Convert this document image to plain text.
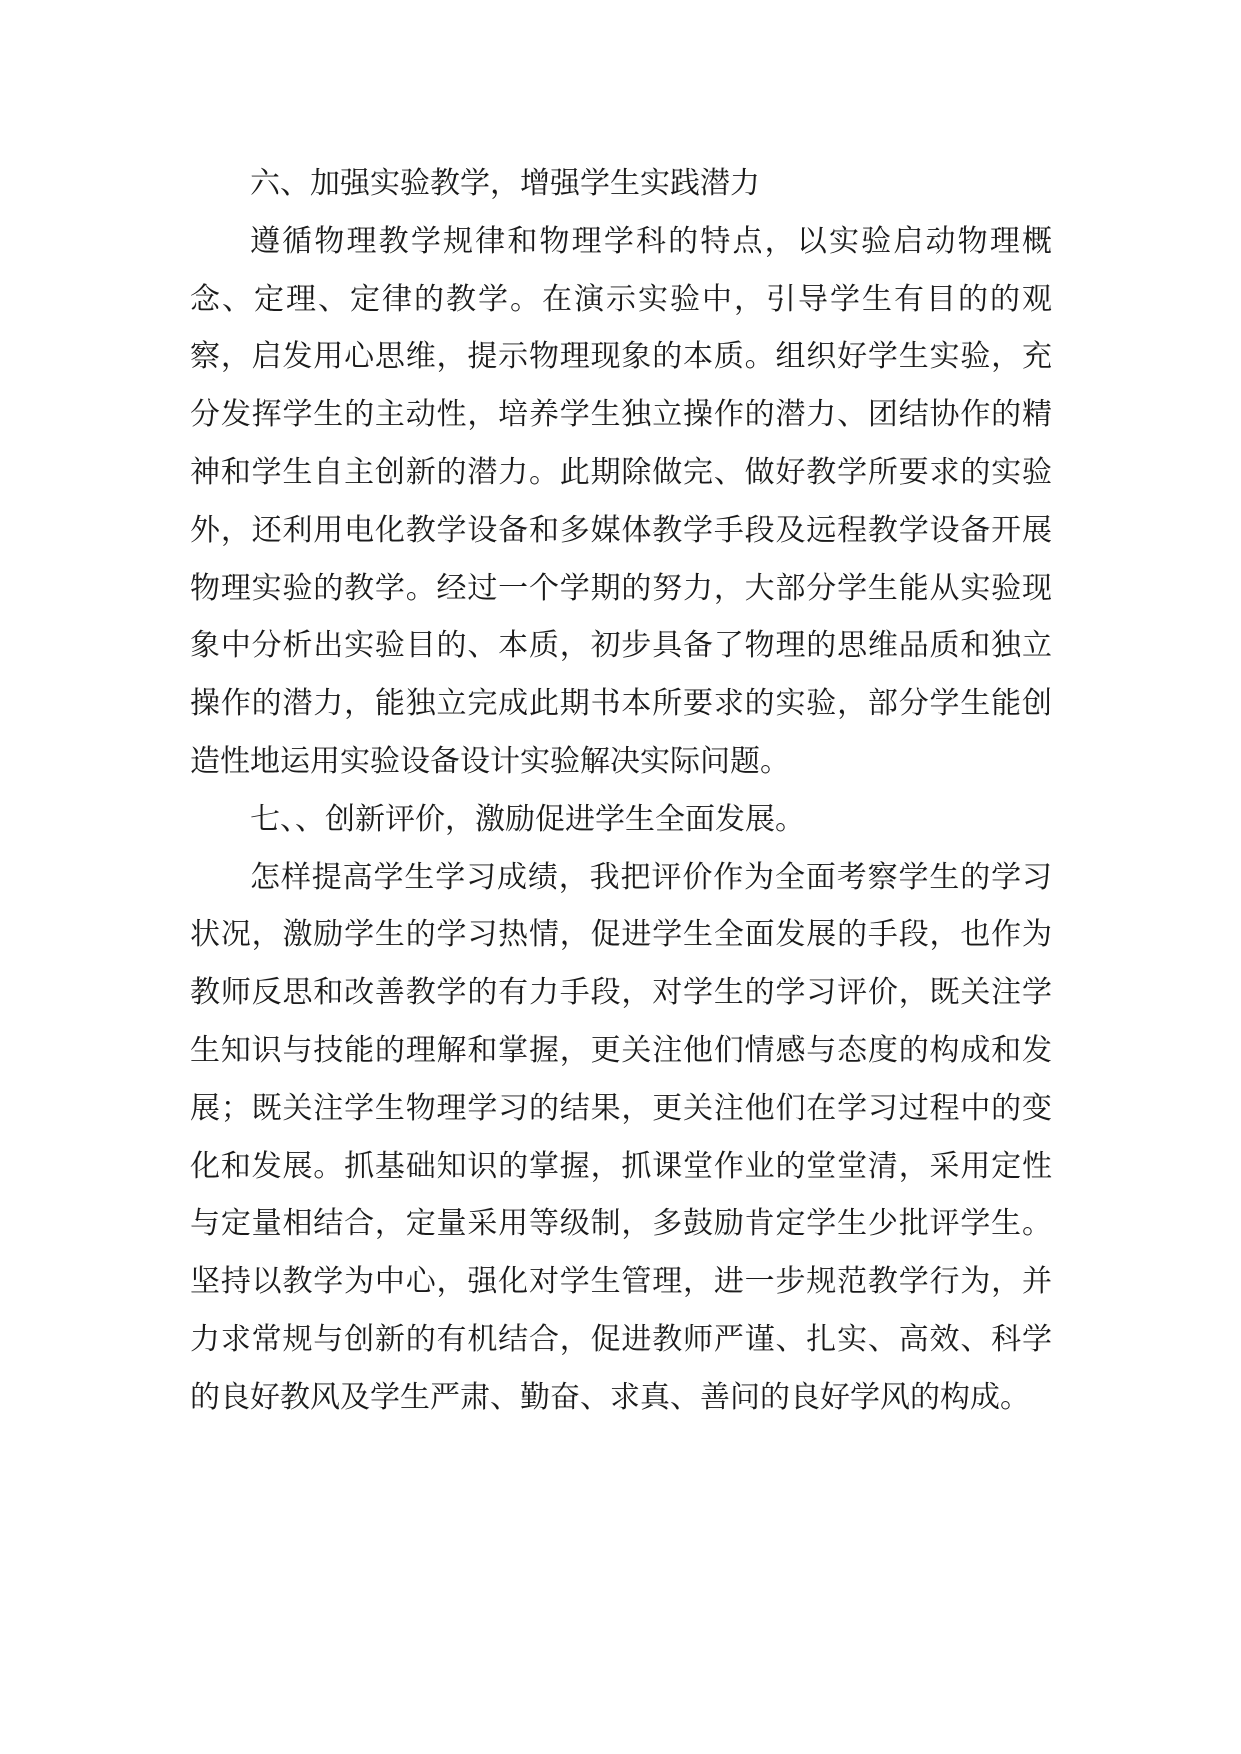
六、加强实验教学，增强学生实践潜力

遵循物理教学规律和物理学科的特点，以实验启动物理概念、定理、定律的教学。在演示实验中，引导学生有目的的观察，启发用心思维，提示物理现象的本质。组织好学生实验，充分发挥学生的主动性，培养学生独立操作的潜力、团结协作的精神和学生自主创新的潜力。此期除做完、做好教学所要求的实验外，还利用电化教学设备和多媒体教学手段及远程教学设备开展物理实验的教学。经过一个学期的努力，大部分学生能从实验现象中分析出实验目的、本质，初步具备了物理的思维品质和独立操作的潜力，能独立完成此期书本所要求的实验，部分学生能创造性地运用实验设备设计实验解决实际问题。

七、、创新评价，激励促进学生全面发展。

怎样提高学生学习成绩，我把评价作为全面考察学生的学习状况，激励学生的学习热情，促进学生全面发展的手段，也作为教师反思和改善教学的有力手段，对学生的学习评价，既关注学生知识与技能的理解和掌握，更关注他们情感与态度的构成和发展；既关注学生物理学习的结果，更关注他们在学习过程中的变化和发展。抓基础知识的掌握，抓课堂作业的堂堂清，采用定性与定量相结合，定量采用等级制，多鼓励肯定学生少批评学生。坚持以教学为中心，强化对学生管理，进一步规范教学行为，并力求常规与创新的有机结合，促进教师严谨、扎实、高效、科学的良好教风及学生严肃、勤奋、求真、善问的良好学风的构成。
